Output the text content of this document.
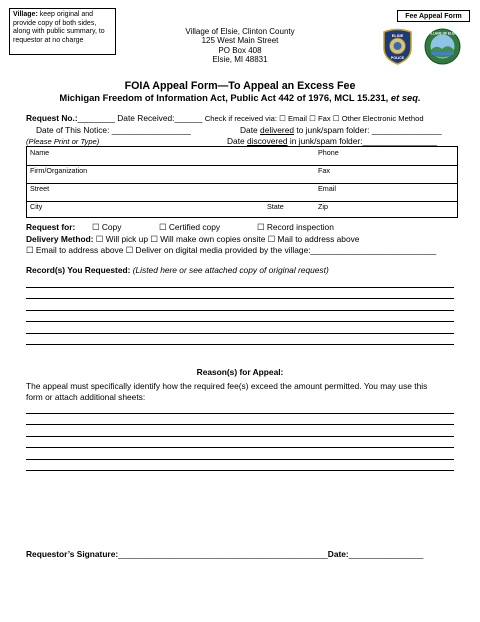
Village: keep original and provide copy of both sides, along with public summary, to requestor at no charge
Fee Appeal Form
Village of Elsie, Clinton County
125 West Main Street
PO Box 408
Elsie, MI 48831
ELSIE
POLICE
VILLAGE OF ELSIE
FOIA Appeal Form—To Appeal an Excess Fee
Michigan Freedom of Information Act, Public Act 442 of 1976, MCL 15.231, et seq.
Request No.:________ Date Received:______ Check if received via: ☐ Email ☐ Fax ☐ Other Electronic Method
Date of This Notice: _________________	Date delivered to junk/spam folder: _______________
(Please Print or Type)	Date discovered in junk/spam folder:________________
Name	Phone
Firm/Organization	Fax
Street	Email
City	State	Zip
Request for: ☐ Copy	☐ Certified copy	☐ Record inspection
Delivery Method: ☐ Will pick up ☐ Will make own copies onsite ☐ Mail to address above
☐ Email to address above ☐ Deliver on digital media provided by the village:___________________________
Record(s) You Requested: (Listed here or see attached copy of original request)
Reason(s) for Appeal:
The appeal must specifically identify how the required fee(s) exceed the amount permitted. You may use this
form or attach additional sheets:
Requestor’s Signature:_____________________________________________Date:________________
